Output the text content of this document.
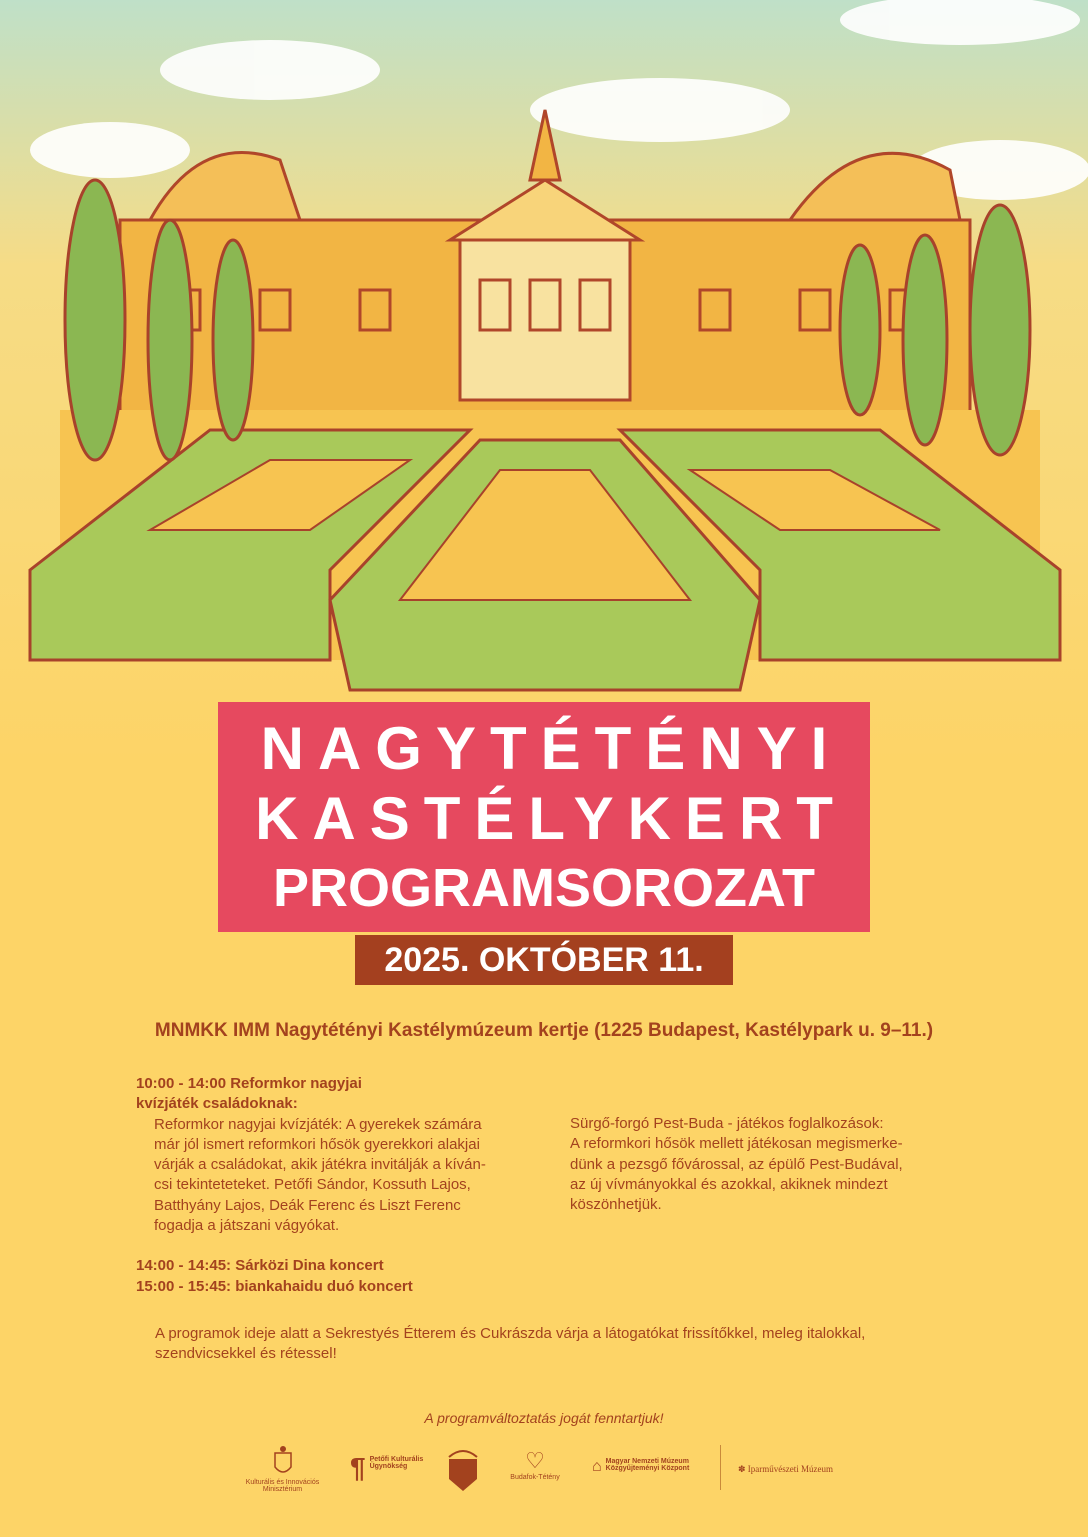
NAGYTÉTÉNYI
KASTÉLYKERT
PROGRAMSOROZAT
2025. OKTÓBER 11.
MNMKK IMM Nagytétényi Kastélymúzeum kertje (1225 Budapest, Kastélypark u. 9–11.)
10:00 - 14:00 Reformkor nagyjai
kvízjáték családoknak:
Reformkor nagyjai kvízjáték: A gyerekek számára
már jól ismert reformkori hősök gyerekkori alakjai
várják a családokat, akik játékra invitálják a kíván-
csi tekinteteteket. Petőfi Sándor, Kossuth Lajos,
Batthyány Lajos, Deák Ferenc és Liszt Ferenc
fogadja a játszani vágyókat.
14:00 - 14:45: Sárközi Dina koncert
15:00 - 15:45: biankahaidu duó koncert
Sürgő-forgó Pest-Buda - játékos foglalkozások:
A reformkori hősök mellett játékosan megismerke-
dünk a pezsgő fővárossal, az épülő Pest-Budával,
az új vívmányokkal és azokkal, akiknek mindezt
köszönhetjük.
A programok ideje alatt a Sekrestyés Étterem és Cukrászda várja a látogatókat frissítőkkel, meleg italokkal, szendvicsekkel és rétessel!
A programváltoztatás jogát fenntartjuk!
Kulturális és Innovációs Minisztérium
¶ Petőfi Kulturális Ügynökség	♡
Budafok-Tétény
⌂ Magyar Nemzeti Múzeum Közgyűjteményi Központ	✽ Iparművészeti Múzeum
